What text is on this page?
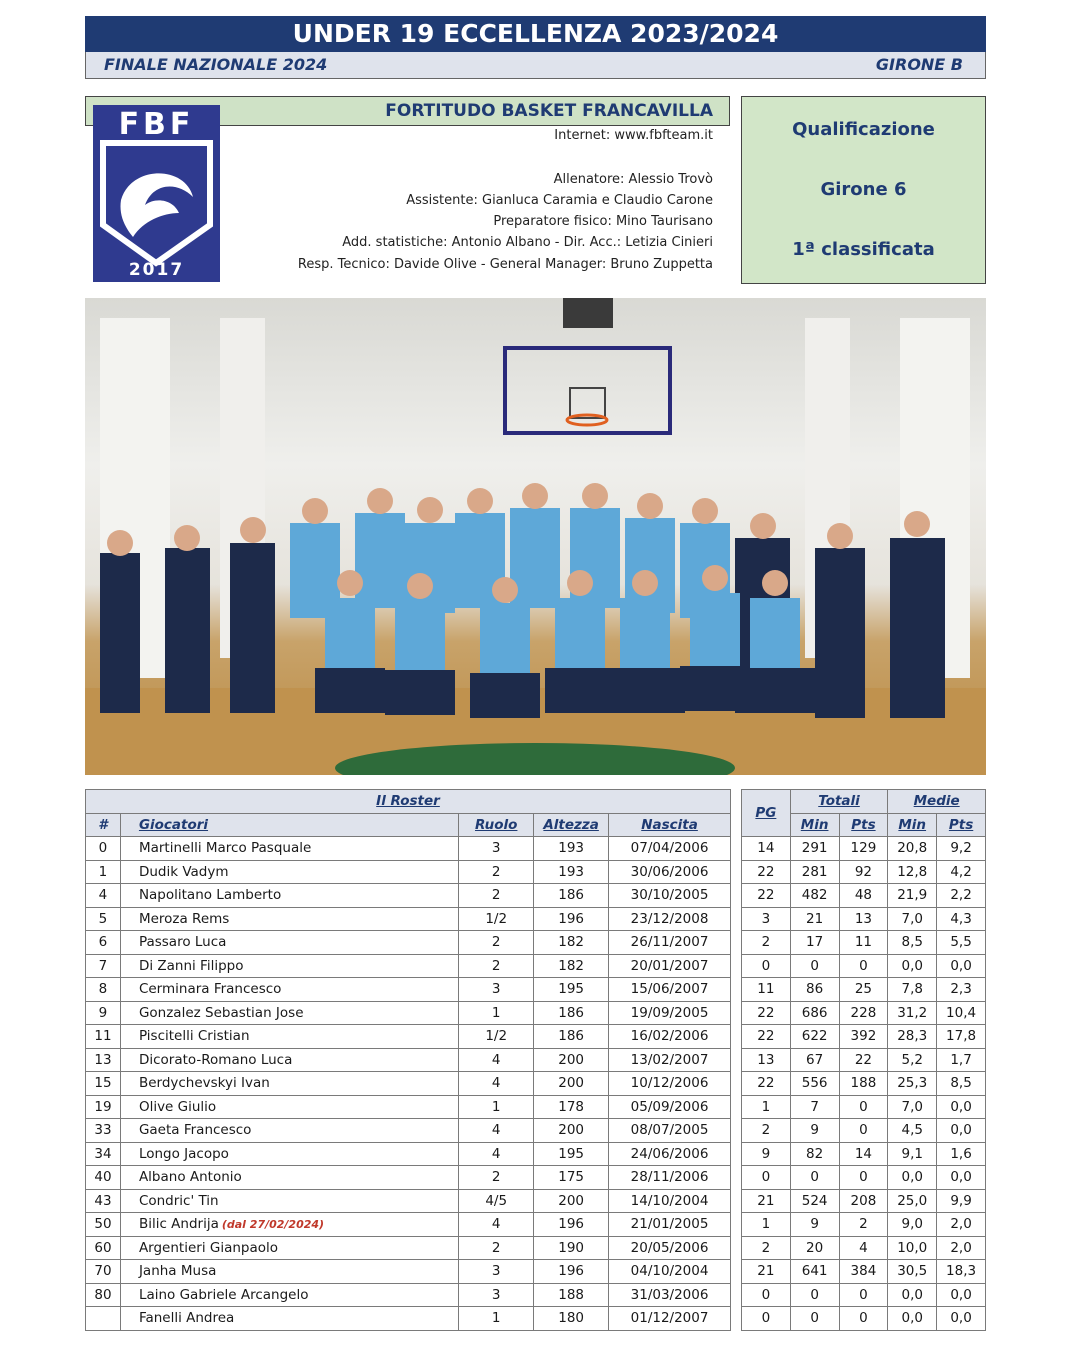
UNDER 19 ECCELLENZA 2023/2024
FINALE NAZIONALE 2024	GIRONE B
FORTITUDO BASKET FRANCAVILLA
FBF
2017
Internet: www.fbfteam.it
Allenatore: Alessio Trovò
Assistente: Gianluca Caramia e Claudio Carone
Preparatore fisico: Mino Taurisano
Add. statistiche: Antonio Albano - Dir. Acc.: Letizia Cinieri
Resp. Tecnico: Davide Olive - General Manager: Bruno Zuppetta
Qualificazione
Girone 6
1ª classificata
Il Roster				
#	Giocatori	Ruolo	Altezza	Nascita
0	Martinelli Marco Pasquale	3	193	07/04/2006
1	Dudik Vadym	2	193	30/06/2006
4	Napolitano Lamberto	2	186	30/10/2005
5	Meroza Rems	1/2	196	23/12/2008
6	Passaro Luca	2	182	26/11/2007
7	Di Zanni Filippo	2	182	20/01/2007
8	Cerminara Francesco	3	195	15/06/2007
9	Gonzalez Sebastian Jose	1	186	19/09/2005
11	Piscitelli Cristian	1/2	186	16/02/2006
13	Dicorato-Romano Luca	4	200	13/02/2007
15	Berdychevskyi Ivan	4	200	10/12/2006
19	Olive Giulio	1	178	05/09/2006
33	Gaeta Francesco	4	200	08/07/2005
34	Longo Jacopo	4	195	24/06/2006
40	Albano Antonio	2	175	28/11/2006
43	Condric' Tin	4/5	200	14/10/2004
50	Bilic Andrija (dal 27/02/2024)	4	196	21/01/2005
60	Argentieri Gianpaolo	2	190	20/05/2006
70	Janha Musa	3	196	04/10/2004
80	Laino Gabriele Arcangelo	3	188	31/03/2006
	Fanelli Andrea	1	180	01/12/2007
PG	Totali		Medie	
	Min	Pts	Min	Pts
14	291	129	20,8	9,2
22	281	92	12,8	4,2
22	482	48	21,9	2,2
3	21	13	7,0	4,3
2	17	11	8,5	5,5
0	0	0	0,0	0,0
11	86	25	7,8	2,3
22	686	228	31,2	10,4
22	622	392	28,3	17,8
13	67	22	5,2	1,7
22	556	188	25,3	8,5
1	7	0	7,0	0,0
2	9	0	4,5	0,0
9	82	14	9,1	1,6
0	0	0	0,0	0,0
21	524	208	25,0	9,9
1	9	2	9,0	2,0
2	20	4	10,0	2,0
21	641	384	30,5	18,3
0	0	0	0,0	0,0
0	0	0	0,0	0,0
